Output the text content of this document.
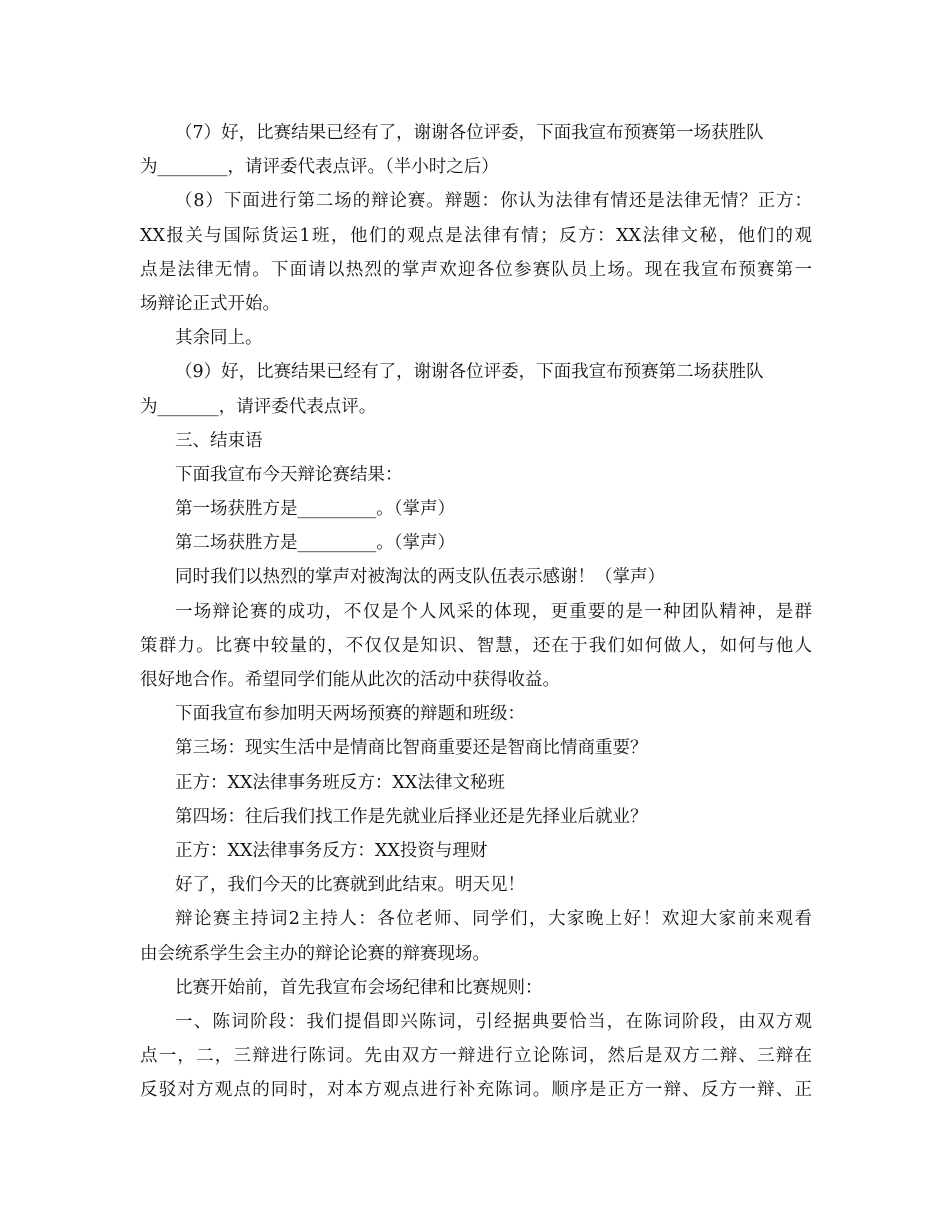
（7）好，比赛结果已经有了，谢谢各位评委，下面我宣布预赛第一场获胜队
为________，请评委代表点评。（半小时之后）
（8）下面进行第二场的辩论赛。辩题：你认为法律有情还是法律无情？正方：
XX报关与国际货运1班，他们的观点是法律有情；反方：XX法律文秘，他们的观
点是法律无情。下面请以热烈的掌声欢迎各位参赛队员上场。现在我宣布预赛第一
场辩论正式开始。
其余同上。
（9）好，比赛结果已经有了，谢谢各位评委，下面我宣布预赛第二场获胜队
为_______，请评委代表点评。
三、结束语
下面我宣布今天辩论赛结果：
第一场获胜方是_________。（掌声）
第二场获胜方是_________。（掌声）
同时我们以热烈的掌声对被淘汰的两支队伍表示感谢！（掌声）
一场辩论赛的成功，不仅是个人风采的体现，更重要的是一种团队精神，是群
策群力。比赛中较量的，不仅仅是知识、智慧，还在于我们如何做人，如何与他人
很好地合作。希望同学们能从此次的活动中获得收益。
下面我宣布参加明天两场预赛的辩题和班级：
第三场：现实生活中是情商比智商重要还是智商比情商重要？
正方：XX法律事务班反方：XX法律文秘班
第四场：往后我们找工作是先就业后择业还是先择业后就业？
正方：XX法律事务反方：XX投资与理财
好了，我们今天的比赛就到此结束。明天见！
辩论赛主持词2主持人：各位老师、同学们，大家晚上好！欢迎大家前来观看
由会统系学生会主办的辩论论赛的辩赛现场。
比赛开始前，首先我宣布会场纪律和比赛规则：
一、陈词阶段：我们提倡即兴陈词，引经据典要恰当，在陈词阶段，由双方观
点一，二，三辩进行陈词。先由双方一辩进行立论陈词，然后是双方二辩、三辩在
反驳对方观点的同时，对本方观点进行补充陈词。顺序是正方一辩、反方一辩、正
